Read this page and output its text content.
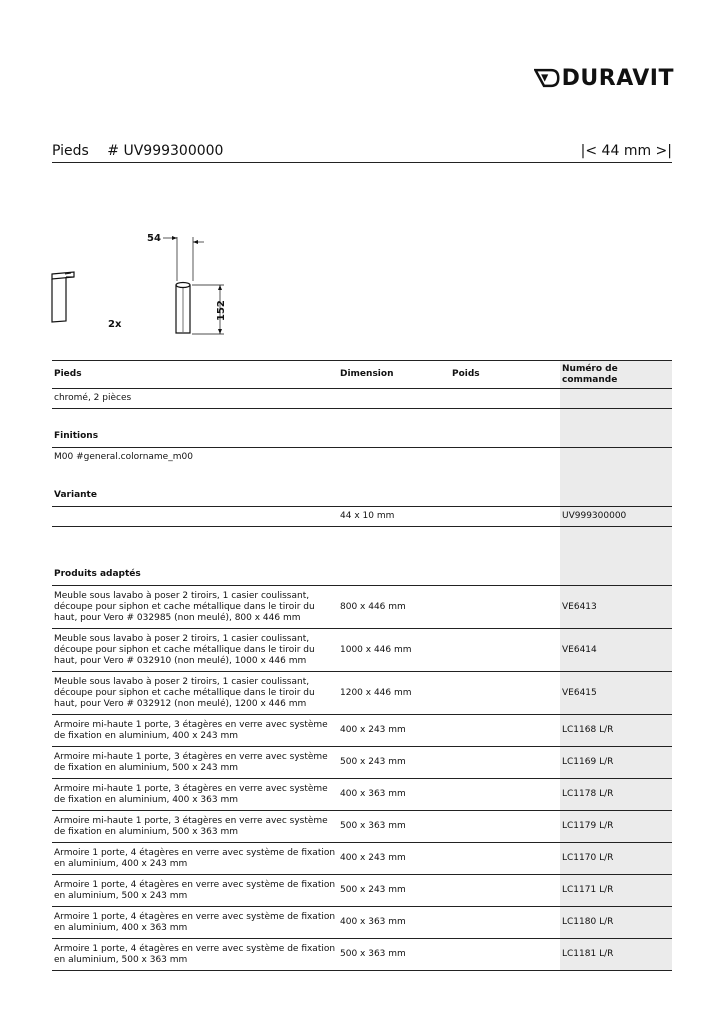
DURAVIT
Pieds # UV999300000	|< 44 mm >|
2x
54
152
Pieds	Dimension	Poids	Numéro de commande
chromé, 2 pièces			
Finitions			
M00 #general.colorname_m00			
Variante			
	44 x 10 mm		UV999300000
Produits adaptés			
Meuble sous lavabo à poser 2 tiroirs, 1 casier coulissant, découpe pour siphon et cache métallique dans le tiroir du haut, pour Vero # 032985 (non meulé), 800 x 446 mm	800 x 446 mm		VE6413
Meuble sous lavabo à poser 2 tiroirs, 1 casier coulissant, découpe pour siphon et cache métallique dans le tiroir du haut, pour Vero # 032910 (non meulé), 1000 x 446 mm	1000 x 446 mm		VE6414
Meuble sous lavabo à poser 2 tiroirs, 1 casier coulissant, découpe pour siphon et cache métallique dans le tiroir du haut, pour Vero # 032912 (non meulé), 1200 x 446 mm	1200 x 446 mm		VE6415
Armoire mi-haute 1 porte, 3 étagères en verre avec système de fixation en aluminium, 400 x 243 mm	400 x 243 mm		LC1168 L/R
Armoire mi-haute 1 porte, 3 étagères en verre avec système de fixation en aluminium, 500 x 243 mm	500 x 243 mm		LC1169 L/R
Armoire mi-haute 1 porte, 3 étagères en verre avec système de fixation en aluminium, 400 x 363 mm	400 x 363 mm		LC1178 L/R
Armoire mi-haute 1 porte, 3 étagères en verre avec système de fixation en aluminium, 500 x 363 mm	500 x 363 mm		LC1179 L/R
Armoire 1 porte, 4 étagères en verre avec système de fixation en aluminium, 400 x 243 mm	400 x 243 mm		LC1170 L/R
Armoire 1 porte, 4 étagères en verre avec système de fixation en aluminium, 500 x 243 mm	500 x 243 mm		LC1171 L/R
Armoire 1 porte, 4 étagères en verre avec système de fixation en aluminium, 400 x 363 mm	400 x 363 mm		LC1180 L/R
Armoire 1 porte, 4 étagères en verre avec système de fixation en aluminium, 500 x 363 mm	500 x 363 mm		LC1181 L/R
